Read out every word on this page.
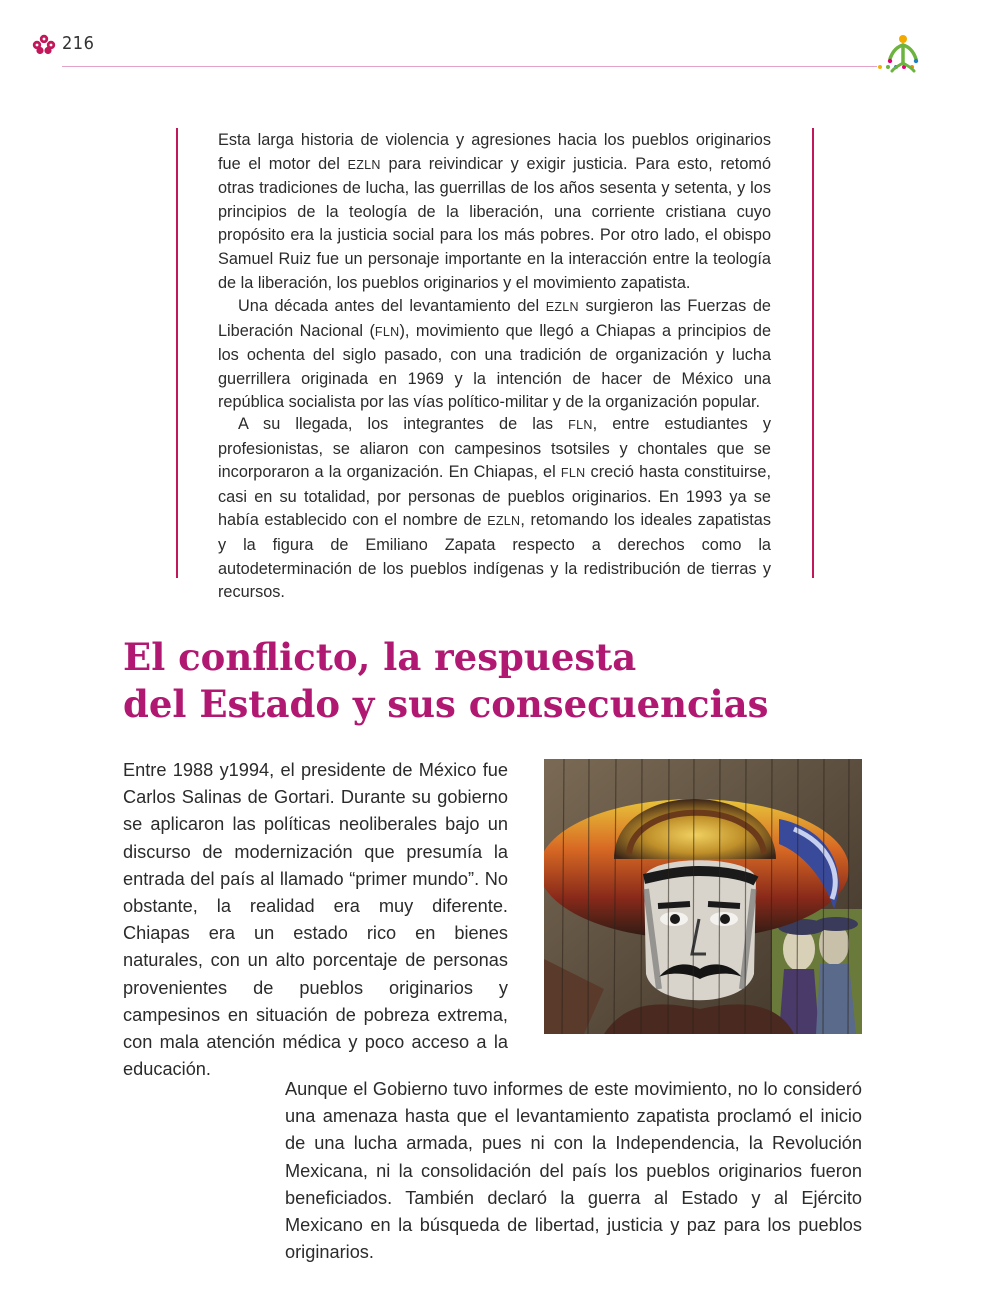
216

Esta larga historia de violencia y agresiones hacia los pueblos originarios fue el motor del EZLN para reivindicar y exigir justicia. Para esto, retomó otras tradiciones de lucha, las guerrillas de los años sesenta y setenta, y los principios de la teología de la liberación, una corriente cristiana cuyo propósito era la justicia social para los más pobres. Por otro lado, el obispo Samuel Ruiz fue un personaje importante en la interacción entre la teología de la liberación, los pueblos originarios y el movimiento zapatista.

Una década antes del levantamiento del EZLN surgieron las Fuerzas de Liberación Nacional (FLN), movimiento que llegó a Chiapas a principios de los ochenta del siglo pasado, con una tradición de organización y lucha guerrillera originada en 1969 y la intención de hacer de México una república socialista por las vías político-militar y de la organización popular.

A su llegada, los integrantes de las FLN, entre estudiantes y profesionistas, se aliaron con campesinos tsotsiles y chontales que se incorporaron a la organización. En Chiapas, el FLN creció hasta constituirse, casi en su totalidad, por personas de pueblos originarios. En 1993 ya se había establecido con el nombre de EZLN, retomando los ideales zapatistas y la figura de Emiliano Zapata respecto a derechos como la autodeterminación de los pueblos indígenas y la redistribución de tierras y recursos.

El conflicto, la respuesta
del Estado y sus consecuencias

Entre 1988 y1994, el presidente de México fue Carlos Salinas de Gortari. Durante su gobierno se aplicaron las políticas neoliberales bajo un discurso de modernización que presumía la entrada del país al llamado “primer mundo”. No obstante, la realidad era muy diferente. Chiapas era un estado rico en bienes naturales, con un alto porcentaje de personas provenientes de pueblos originarios y campesinos en situación de pobreza extrema, con mala atención médica y poco acceso a la educación.

Aunque el Gobierno tuvo informes de este movimiento, no lo consideró una amenaza hasta que el levantamiento zapatista proclamó el inicio de una lucha armada, pues ni con la Independencia, la Revolución Mexicana, ni la consolidación del país los pueblos originarios fueron beneficiados. También declaró la guerra al Estado y al Ejército Mexicano en la búsqueda de libertad, justicia y paz para los pueblos originarios.
